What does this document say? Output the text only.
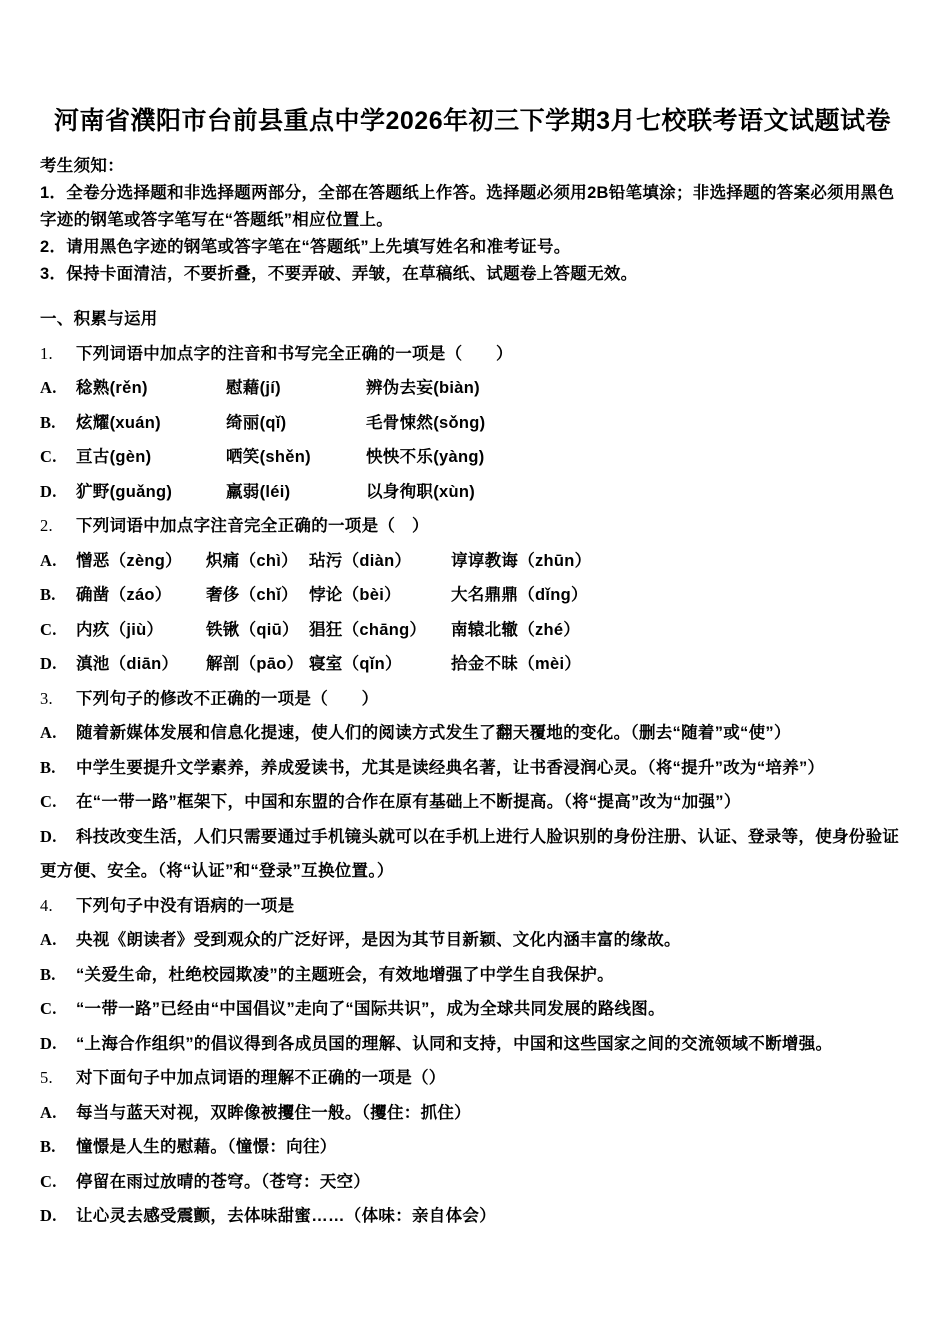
河南省濮阳市台前县重点中学2026年初三下学期3月七校联考语文试题试卷

考生须知：

1．全卷分选择题和非选择题两部分，全部在答题纸上作答。选择题必须用2B铅笔填涂；非选择题的答案必须用黑色字迹的钢笔或答字笔写在“答题纸”相应位置上。

2．请用黑色字迹的钢笔或答字笔在“答题纸”上先填写姓名和准考证号。

3．保持卡面清洁，不要折叠，不要弄破、弄皱，在草稿纸、试题卷上答题无效。

一、积累与运用

1. 下列词语中加点字的注音和书写完全正确的一项是（　　）

A. 稔熟(rěn)	慰藉(jí)	辨伪去妄(biàn)

B. 炫耀(xuán)	绮丽(qǐ)	毛骨悚然(sǒng)

C. 亘古(gèn)	哂笑(shěn)	怏怏不乐(yàng)

D. 犷野(guǎng)	羸弱(léi)	以身徇职(xùn)

2. 下列词语中加点字注音完全正确的一项是（　）

A. 憎恶（zèng） 炽痛（chì） 玷污（diàn） 谆谆教诲（zhūn）

B. 确凿（záo） 奢侈（chǐ） 悖论（bèi）	大名鼎鼎（dǐng）

C. 内疚（jiù）	铁锹（qiū） 猖狂（chāng） 南辕北辙（zhé）

D. 滇池（diān） 解剖（pāo） 寝室（qǐn）	拾金不昧（mèi）

3. 下列句子的修改不正确的一项是（　　）

A. 随着新媒体发展和信息化提速，使人们的阅读方式发生了翻天覆地的变化。（删去“随着”或“使”）

B. 中学生要提升文学素养，养成爱读书，尤其是读经典名著，让书香浸润心灵。（将“提升”改为“培养”）

C. 在“一带一路”框架下，中国和东盟的合作在原有基础上不断提高。（将“提高”改为“加强”）

D. 科技改变生活，人们只需要通过手机镜头就可以在手机上进行人脸识别的身份注册、认证、登录等，使身份验证更方便、安全。（将“认证”和“登录”互换位置。）

4. 下列句子中没有语病的一项是

A. 央视《朗读者》受到观众的广泛好评，是因为其节目新颖、文化内涵丰富的缘故。

B. “关爱生命，杜绝校园欺凌”的主题班会，有效地增强了中学生自我保护。

C. “一带一路”已经由“中国倡议”走向了“国际共识”，成为全球共同发展的路线图。

D. “上海合作组织”的倡议得到各成员国的理解、认同和支持，中国和这些国家之间的交流领域不断增强。

5. 对下面句子中加点词语的理解不正确的一项是（）

A. 每当与蓝天对视，双眸像被攫住一般。（攫住：抓住）

B. 憧憬是人生的慰藉。（憧憬：向往）

C. 停留在雨过放晴的苍穹。（苍穹：天空）

D. 让心灵去感受震颤，去体味甜蜜……（体味：亲自体会）
